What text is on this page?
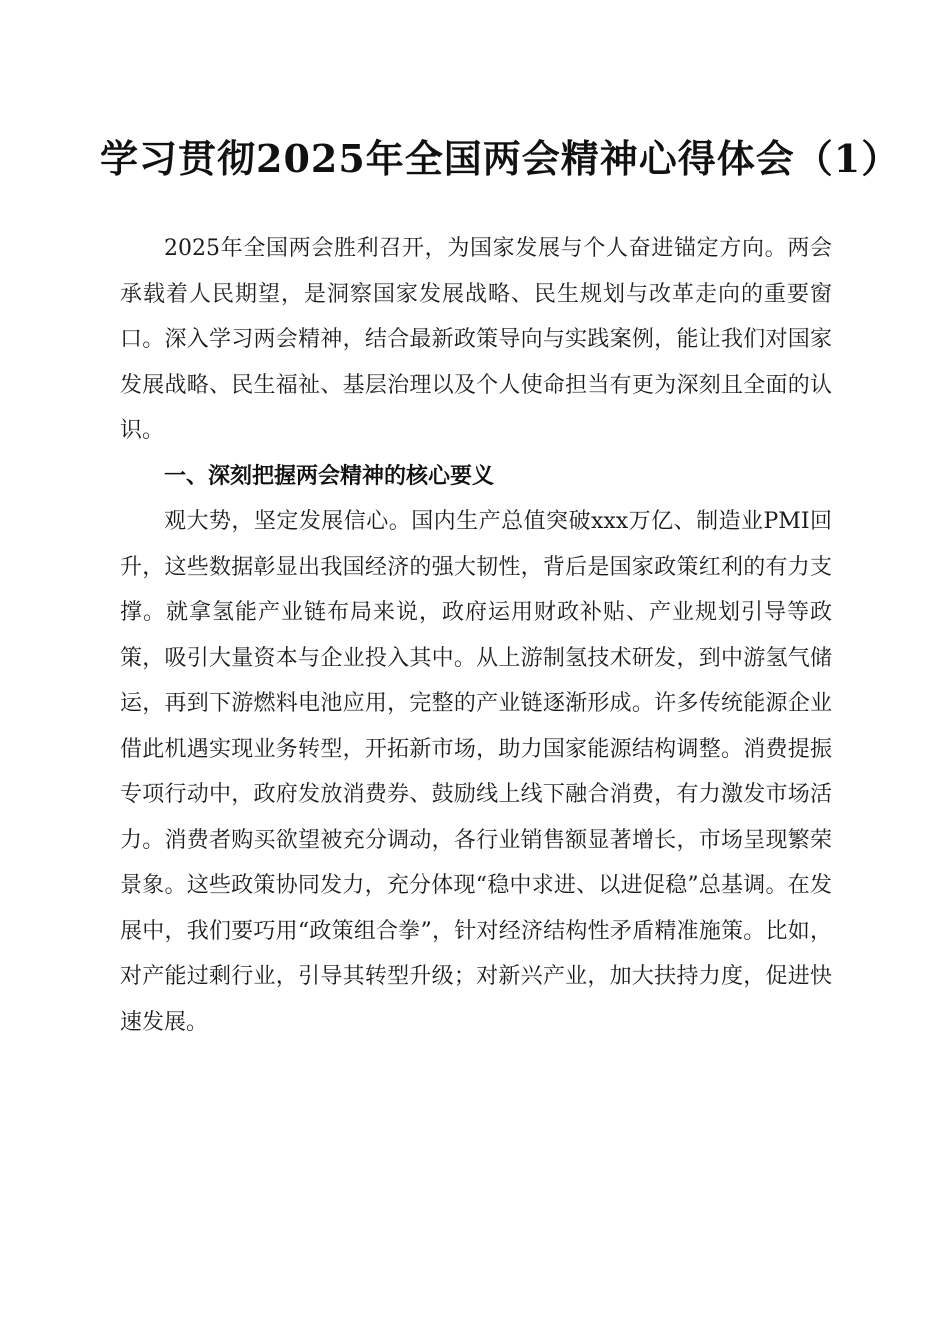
学习贯彻2025年全国两会精神心得体会（1）

2025年全国两会胜利召开，为国家发展与个人奋进锚定方向。两会承载着人民期望，是洞察国家发展战略、民生规划与改革走向的重要窗口。深入学习两会精神，结合最新政策导向与实践案例，能让我们对国家发展战略、民生福祉、基层治理以及个人使命担当有更为深刻且全面的认识。

一、深刻把握两会精神的核心要义

观大势，坚定发展信心。国内生产总值突破xxx万亿、制造业PMI回升，这些数据彰显出我国经济的强大韧性，背后是国家政策红利的有力支撑。就拿氢能产业链布局来说，政府运用财政补贴、产业规划引导等政策，吸引大量资本与企业投入其中。从上游制氢技术研发，到中游氢气储运，再到下游燃料电池应用，完整的产业链逐渐形成。许多传统能源企业借此机遇实现业务转型，开拓新市场，助力国家能源结构调整。消费提振专项行动中，政府发放消费券、鼓励线上线下融合消费，有力激发市场活力。消费者购买欲望被充分调动，各行业销售额显著增长，市场呈现繁荣景象。这些政策协同发力，充分体现“稳中求进、以进促稳”总基调。在发展中，我们要巧用“政策组合拳”，针对经济结构性矛盾精准施策。比如，对产能过剩行业，引导其转型升级；对新兴产业，加大扶持力度，促进快速发展。
